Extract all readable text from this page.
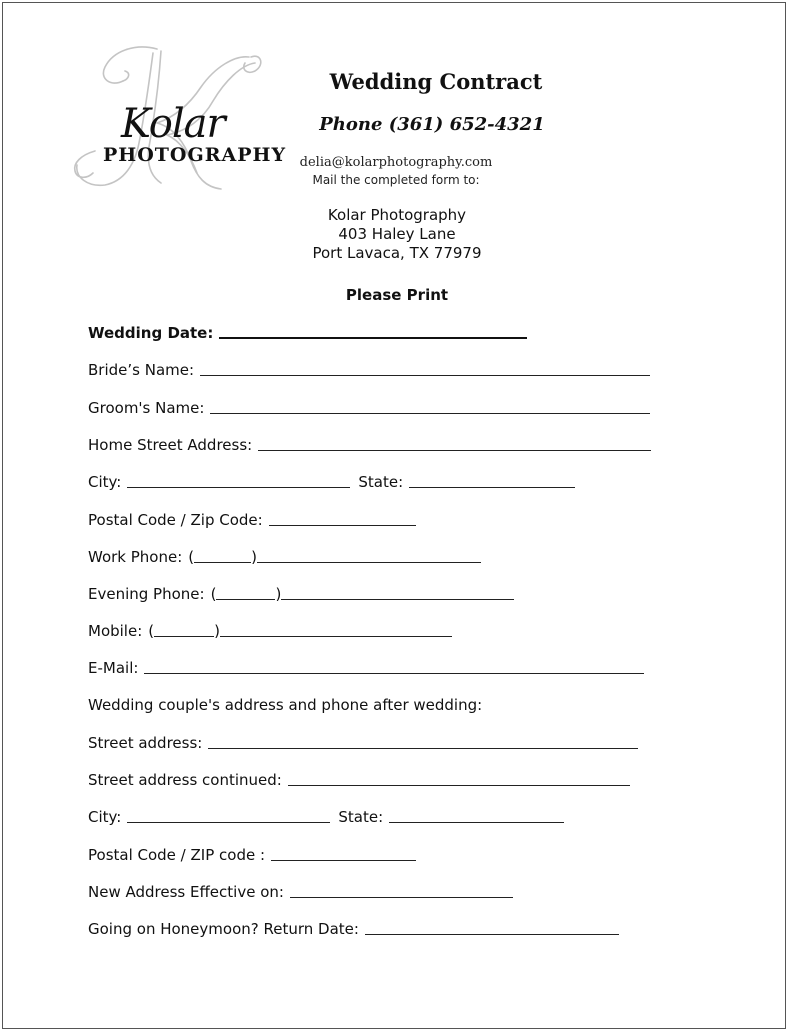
Kolar
PHOTOGRAPHY
Wedding Contract
Phone (361) 652-4321
delia@kolarphotography.com
Mail the completed form to:
Kolar Photography
403 Haley Lane
Port Lavaca, TX 77979
Please Print
Wedding Date:
Bride’s Name:
Groom's Name:
Home Street Address:
City:	State:
Postal Code / Zip Code:
Work Phone: (	)
Evening Phone: (	)
Mobile: (	)
E-Mail:
Wedding couple's address and phone after wedding:
Street address:
Street address continued:
City:	State:
Postal Code / ZIP code :
New Address Effective on:
Going on Honeymoon? Return Date:
